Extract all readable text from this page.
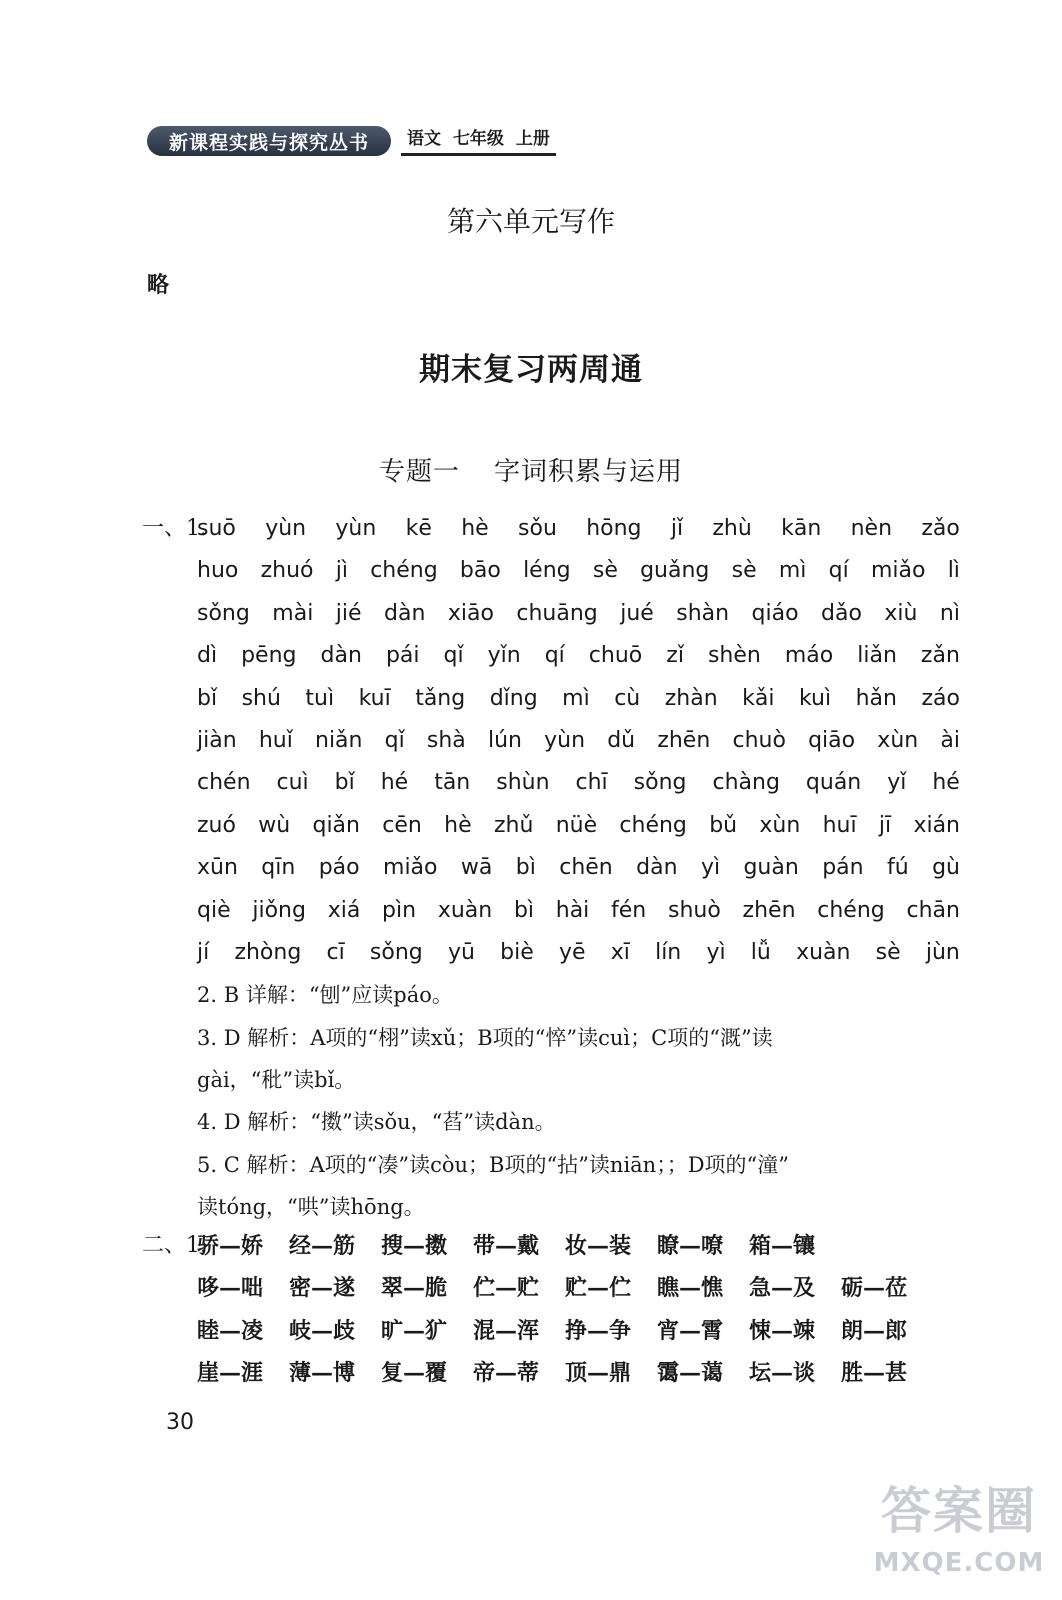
新课程实践与探究丛书	语文 七年级 上册
第六单元写作
略
期末复习两周通
专题一 字词积累与运用
一、1.
suō yùn yùn kē hè sǒu hōng jǐ zhù kān nèn zǎo
huo zhuó jì chéng bāo léng sè guǎng sè mì qí miǎo lì
sǒng mài jié dàn xiāo chuāng jué shàn qiáo dǎo xiù nì
dì pēng dàn pái qǐ yǐn qí chuō zǐ shèn máo liǎn zǎn
bǐ shú tuì kuī tǎng dǐng mì cù zhàn kǎi kuì hǎn záo
jiàn huǐ niǎn qǐ shà lún yùn dǔ zhēn chuò qiāo xùn ài
chén cuì bǐ hé tān shùn chī sǒng chàng quán yǐ hé
zuó wù qiǎn cēn hè zhǔ nüè chéng bǔ xùn huī jī xián
xūn qīn páo miǎo wā bì chēn dàn yì guàn pán fú gù
qiè jiǒng xiá pìn xuàn bì hài fén shuò zhēn chéng chān
jí zhòng cī sǒng yū biè yē xī lín yì lǚ xuàn sè jùn
2. B 详解：“刨”应读páo。
3. D 解析：A项的“栩”读xǔ；B项的“悴”读cuì；C项的“溉”读
gài，“秕”读bǐ。
4. D 解析：“擞”读sǒu，“萏”读dàn。
5. C 解析：A项的“凑”读còu；B项的“拈”读niān；；D项的“潼”
读tóng，“哄”读hōng。
二、1.
骄—娇	经—筋	搜—擞	带—戴	妆—装	瞭—嘹	箱—镶
哆—咄	密—遂	翠—脆	伫—贮	贮—伫	瞧—憔	急—及	砺—莅
睦—凌	岐—歧	旷—犷	混—浑	挣—争	宵—霄	悚—竦	朗—郎
崖—涯	薄—博	复—覆	帝—蒂	顶—鼎	霭—蔼	坛—谈	胜—甚
30
答案圈
MXQE.COM
